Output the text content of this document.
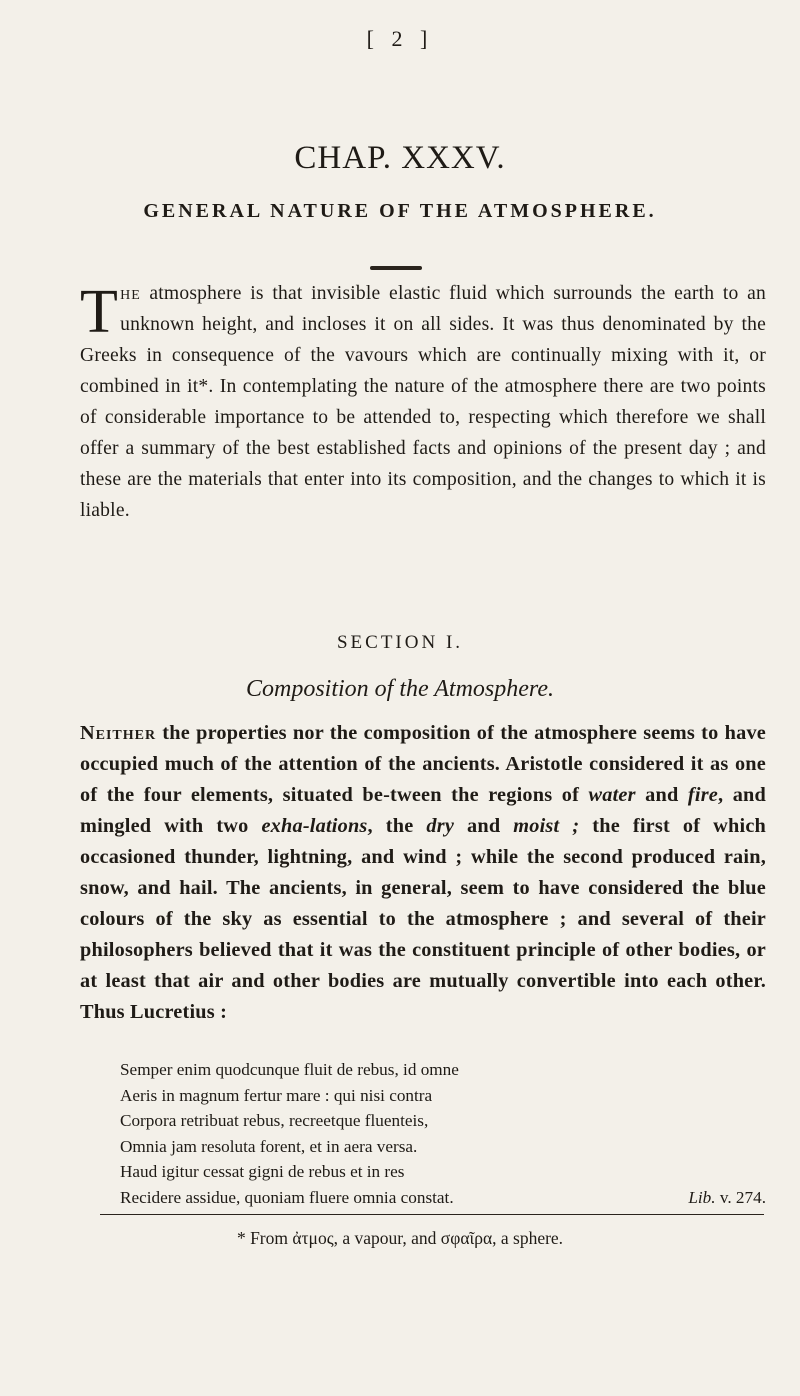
[ 2 ]
CHAP. XXXV.
GENERAL NATURE OF THE ATMOSPHERE.
The atmosphere is that invisible elastic fluid which surrounds the earth to an unknown height, and incloses it on all sides. It was thus denominated by the Greeks in consequence of the vavours which are continually mixing with it, or combined in it*. In contemplating the nature of the atmosphere there are two points of considerable importance to be attended to, respecting which therefore we shall offer a summary of the best established facts and opinions of the present day ; and these are the materials that enter into its composition, and the changes to which it is liable.
SECTION I.
Composition of the Atmosphere.
Neither the properties nor the composition of the atmosphere seems to have occupied much of the attention of the ancients. Aristotle considered it as one of the four elements, situated be-tween the regions of water and fire, and mingled with two exha-lations, the dry and moist ; the first of which occasioned thunder, lightning, and wind ; while the second produced rain, snow, and hail. The ancients, in general, seem to have considered the blue colours of the sky as essential to the atmosphere ; and several of their philosophers believed that it was the constituent principle of other bodies, or at least that air and other bodies are mutually convertible into each other. Thus Lucretius :
Semper enim quodcunque fluit de rebus, id omne
Aeris in magnum fertur mare : qui nisi contra
Corpora retribuat rebus, recreetque fluenteis,
Omnia jam resoluta forent, et in aera versa.
Haud igitur cessat gigni de rebus et in res
Recidere assidue, quoniam fluere omnia constat.	Lib. v. 274.
* From ἀτμος, a vapour, and σφαῖρα, a sphere.
